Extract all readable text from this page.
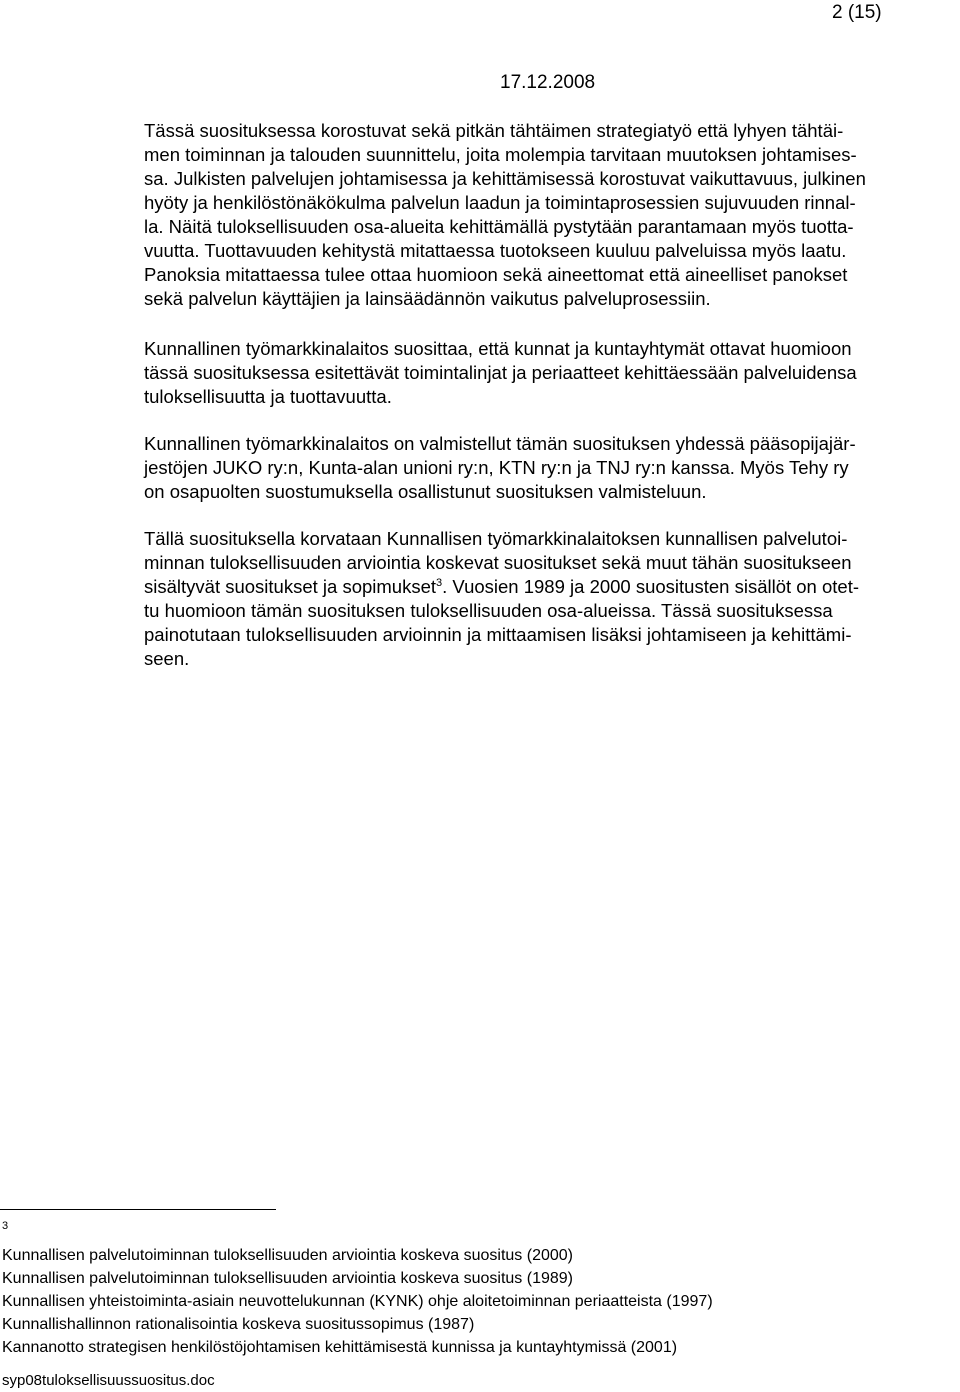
2 (15)
17.12.2008
Tässä suosituksessa korostuvat sekä pitkän tähtäimen strategiatyö että lyhyen tähtäi-
men toiminnan ja talouden suunnittelu, joita molempia tarvitaan muutoksen johtamises-
sa. Julkisten palvelujen johtamisessa ja kehittämisessä korostuvat vaikuttavuus, julkinen
hyöty ja henkilöstönäkökulma palvelun laadun ja toimintaprosessien sujuvuuden rinnal-
la. Näitä tuloksellisuuden osa-alueita kehittämällä pystytään parantamaan myös tuotta-
vuutta. Tuottavuuden kehitystä mitattaessa tuotokseen kuuluu palveluissa myös laatu.
Panoksia mitattaessa tulee ottaa huomioon sekä aineettomat että aineelliset panokset
sekä palvelun käyttäjien ja lainsäädännön vaikutus palveluprosessiin.
Kunnallinen työmarkkinalaitos suosittaa, että kunnat ja kuntayhtymät ottavat huomioon
tässä suosituksessa esitettävät toimintalinjat ja periaatteet kehittäessään palveluidensa
tuloksellisuutta ja tuottavuutta.
Kunnallinen työmarkkinalaitos on valmistellut tämän suosituksen yhdessä pääsopijajär-
jestöjen JUKO ry:n, Kunta-alan unioni ry:n, KTN ry:n ja TNJ ry:n kanssa. Myös Tehy ry
on osapuolten suostumuksella osallistunut suosituksen valmisteluun.
Tällä suosituksella korvataan Kunnallisen työmarkkinalaitoksen kunnallisen palvelutoi-
minnan tuloksellisuuden arviointia koskevat suositukset sekä muut tähän suositukseen
sisältyvät suositukset ja sopimukset$^3$. Vuosien 1989 ja 2000 suositusten sisällöt on otet-
tu huomioon tämän suosituksen tuloksellisuuden osa-alueissa. Tässä suosituksessa
painotutaan tuloksellisuuden arvioinnin ja mittaamisen lisäksi johtamiseen ja kehittämi-
seen.
3
Kunnallisen palvelutoiminnan tuloksellisuuden arviointia koskeva suositus (2000)
Kunnallisen palvelutoiminnan tuloksellisuuden arviointia koskeva suositus (1989)
Kunnallisen yhteistoiminta-asiain neuvottelukunnan (KYNK) ohje aloitetoiminnan periaatteista (1997)
Kunnallishallinnon rationalisointia koskeva suositussopimus (1987)
Kannanotto strategisen henkilöstöjohtamisen kehittämisestä kunnissa ja kuntayhtymissä (2001)
syp08tuloksellisuussuositus.doc
